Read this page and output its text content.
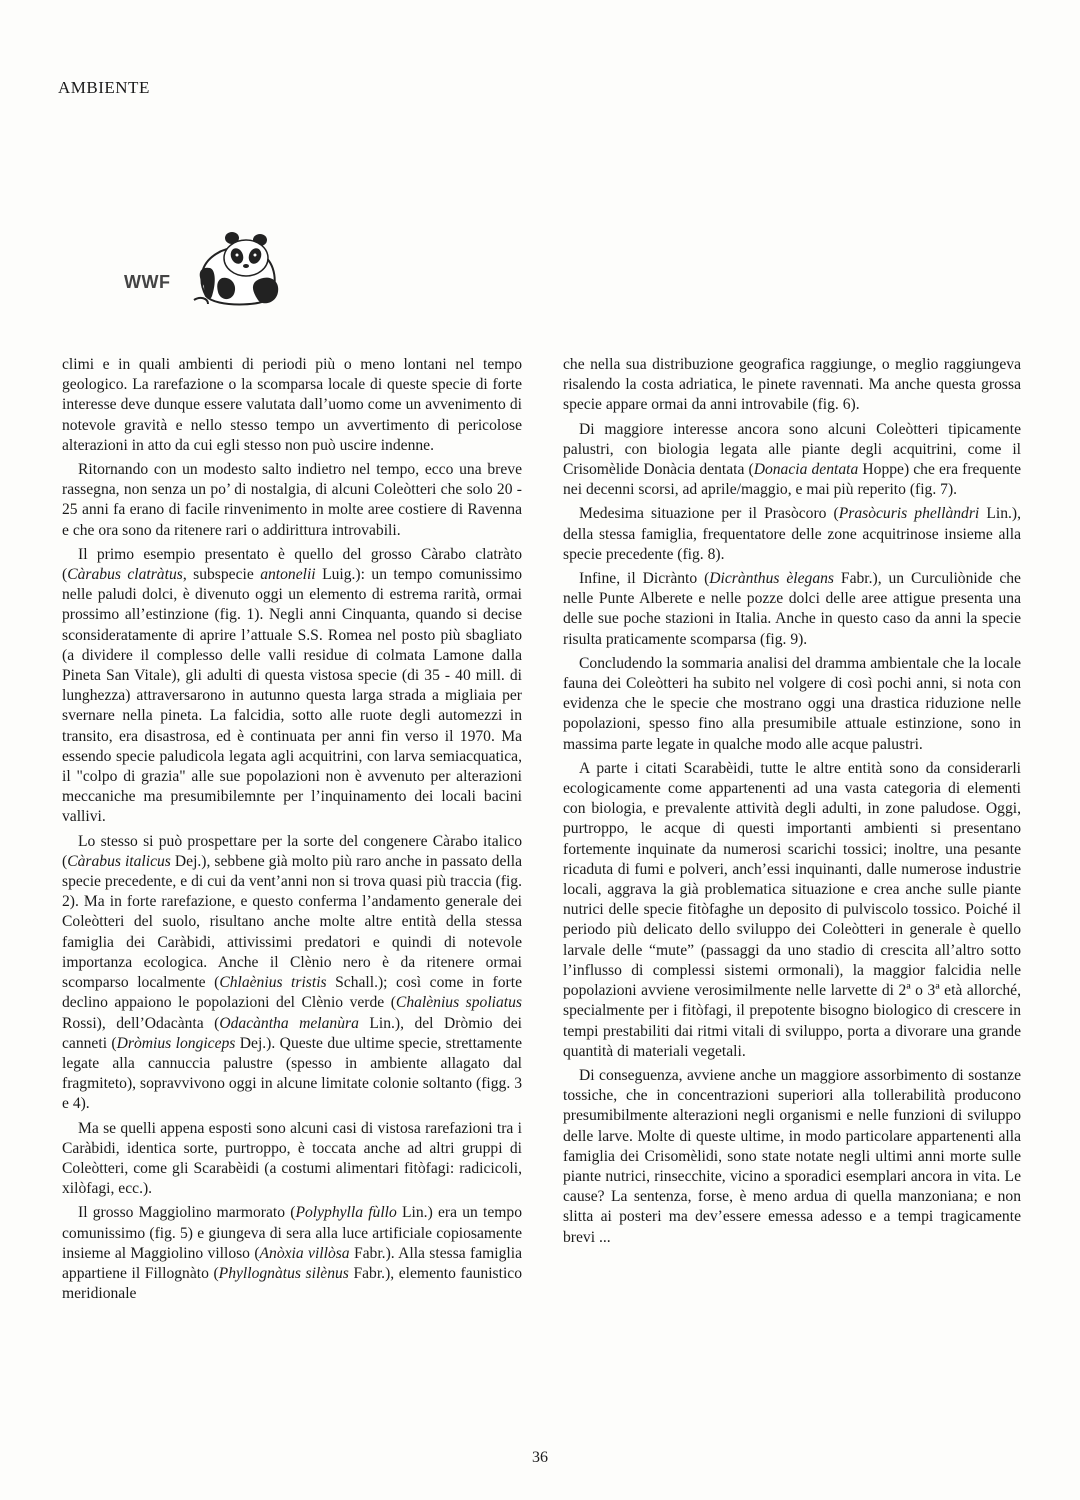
AMBIENTE
WWF

climi e in quali ambienti di periodi più o meno lontani nel tempo geologico. La rarefazione o la scomparsa locale di queste specie di forte interesse deve dunque essere valutata dall’uomo come un avvenimento di notevole gravità e nello stesso tempo un avvertimento di pericolose alterazioni in atto da cui egli stesso non può uscire indenne.

Ritornando con un modesto salto indietro nel tempo, ecco una breve rassegna, non senza un po’ di nostalgia, di alcuni Coleòtteri che solo 20 - 25 anni fa erano di facile rinvenimento in molte aree costiere di Ravenna e che ora sono da ritenere rari o addirittura introvabili.

Il primo esempio presentato è quello del grosso Càrabo clatràto (Càrabus clatràtus, subspecie antonelii Luig.): un tempo comunissimo nelle paludi dolci, è divenuto oggi un elemento di estrema rarità, ormai prossimo all’estinzione (fig. 1). Negli anni Cinquanta, quando si decise sconsideratamente di aprire l’attuale S.S. Romea nel posto più sbagliato (a dividere il complesso delle valli residue di colmata Lamone dalla Pineta San Vitale), gli adulti di questa vistosa specie (di 35 - 40 mill. di lunghezza) attraversarono in autunno questa larga strada a migliaia per svernare nella pineta. La falcidia, sotto alle ruote degli automezzi in transito, era disastrosa, ed è continuata per anni fin verso il 1970. Ma essendo specie paludicola legata agli acquitrini, con larva semiacquatica, il "colpo di grazia" alle sue popolazioni non è avvenuto per alterazioni meccaniche ma presumibilemnte per l’inquinamento dei locali bacini vallivi.

Lo stesso si può prospettare per la sorte del congenere Càrabo italico (Càrabus italicus Dej.), sebbene già molto più raro anche in passato della specie precedente, e di cui da vent’anni non si trova quasi più traccia (fig. 2). Ma in forte rarefazione, e questo conferma l’andamento generale dei Coleòtteri del suolo, risultano anche molte altre entità della stessa famiglia dei Caràbidi, attivissimi predatori e quindi di notevole importanza ecologica. Anche il Clènio nero è da ritenere ormai scomparso localmente (Chlaènius tristis Schall.); così come in forte declino appaiono le popolazioni del Clènio verde (Chalènius spoliatus Rossi), dell’Odacànta (Odacàntha melanùra Lin.), del Dròmio dei canneti (Dròmius longiceps Dej.). Queste due ultime specie, strettamente legate alla cannuccia palustre (spesso in ambiente allagato dal fragmiteto), sopravvivono oggi in alcune limitate colonie soltanto (figg. 3 e 4).

Ma se quelli appena esposti sono alcuni casi di vistosa rarefazioni tra i Caràbidi, identica sorte, purtroppo, è toccata anche ad altri gruppi di Coleòtteri, come gli Scarabèidi (a costumi alimentari fitòfagi: radicicoli, xilòfagi, ecc.).

Il grosso Maggiolino marmorato (Polyphylla fùllo Lin.) era un tempo comunissimo (fig. 5) e giungeva di sera alla luce artificiale copiosamente insieme al Maggiolino villoso (Anòxia villòsa Fabr.). Alla stessa famiglia appartiene il Fillognàto (Phyllognàtus silènus Fabr.), elemento faunistico meridionale

che nella sua distribuzione geografica raggiunge, o meglio raggiungeva risalendo la costa adriatica, le pinete ravennati. Ma anche questa grossa specie appare ormai da anni introvabile (fig. 6).

Di maggiore interesse ancora sono alcuni Coleòtteri tipicamente palustri, con biologia legata alle piante degli acquitrini, come il Crisomèlide Donàcia dentata (Donacia dentata Hoppe) che era frequente nei decenni scorsi, ad aprile/maggio, e mai più reperito (fig. 7).

Medesima situazione per il Prasòcoro (Prasòcuris phellàndri Lin.), della stessa famiglia, frequentatore delle zone acquitrinose insieme alla specie precedente (fig. 8).

Infine, il Dicrànto (Dicrànthus èlegans Fabr.), un Curculiònide che nelle Punte Alberete e nelle pozze dolci delle aree attigue presenta una delle sue poche stazioni in Italia. Anche in questo caso da anni la specie risulta praticamente scomparsa (fig. 9).

Concludendo la sommaria analisi del dramma ambientale che la locale fauna dei Coleòtteri ha subito nel volgere di così pochi anni, si nota con evidenza che le specie che mostrano oggi una drastica riduzione nelle popolazioni, spesso fino alla presumibile attuale estinzione, sono in massima parte legate in qualche modo alle acque palustri.

A parte i citati Scarabèidi, tutte le altre entità sono da considerarli ecologicamente come appartenenti ad una vasta categoria di elementi con biologia, e prevalente attività degli adulti, in zone paludose. Oggi, purtroppo, le acque di questi importanti ambienti si presentano fortemente inquinate da numerosi scarichi tossici; inoltre, una pesante ricaduta di fumi e polveri, anch’essi inquinanti, dalle numerose industrie locali, aggrava la già problematica situazione e crea anche sulle piante nutrici delle specie fitòfaghe un deposito di pulviscolo tossico. Poiché il periodo più delicato dello sviluppo dei Coleòtteri in generale è quello larvale delle “mute” (passaggi da uno stadio di crescita all’altro sotto l’influsso di complessi sistemi ormonali), la maggior falcidia nelle popolazioni avviene verosimilmente nelle larvette di 2ª o 3ª età allorché, specialmente per i fitòfagi, il prepotente bisogno biologico di crescere in tempi prestabiliti dai ritmi vitali di sviluppo, porta a divorare una grande quantità di materiali vegetali.

Di conseguenza, avviene anche un maggiore assorbimento di sostanze tossiche, che in concentrazioni superiori alla tollerabilità producono presumibilmente alterazioni negli organismi e nelle funzioni di sviluppo delle larve. Molte di queste ultime, in modo particolare appartenenti alla famiglia dei Crisomèlidi, sono state notate negli ultimi anni morte sulle piante nutrici, rinsecchite, vicino a sporadici esemplari ancora in vita. Le cause? La sentenza, forse, è meno ardua di quella manzoniana; e non slitta ai posteri ma dev’essere emessa adesso e a tempi tragicamente brevi ...

36
